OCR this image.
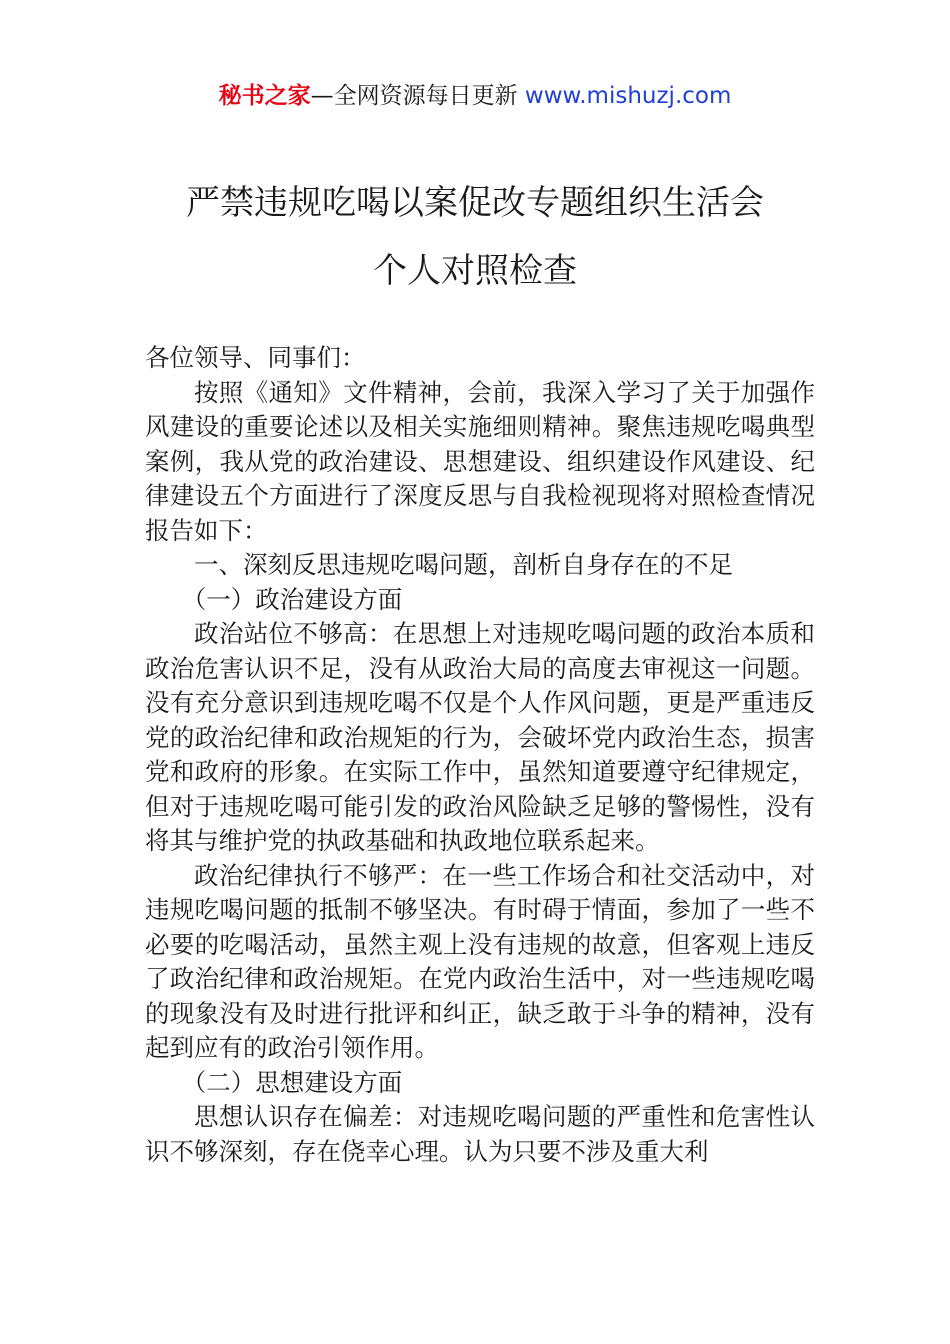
秘书之家—全网资源每日更新 www.mishuzj.com
严禁违规吃喝以案促改专题组织生活会
个人对照检查

各位领导、同事们：

按照《通知》文件精神，会前，我深入学习了关于加强作风建设的重要论述以及相关实施细则精神。聚焦违规吃喝典型案例，我从党的政治建设、思想建设、组织建设作风建设、纪律建设五个方面进行了深度反思与自我检视现将对照检查情况报告如下：

一、深刻反思违规吃喝问题，剖析自身存在的不足

（一）政治建设方面

政治站位不够高：在思想上对违规吃喝问题的政治本质和政治危害认识不足，没有从政治大局的高度去审视这一问题。没有充分意识到违规吃喝不仅是个人作风问题，更是严重违反党的政治纪律和政治规矩的行为，会破坏党内政治生态，损害党和政府的形象。在实际工作中，虽然知道要遵守纪律规定，但对于违规吃喝可能引发的政治风险缺乏足够的警惕性，没有将其与维护党的执政基础和执政地位联系起来。

政治纪律执行不够严：在一些工作场合和社交活动中，对违规吃喝问题的抵制不够坚决。有时碍于情面，参加了一些不必要的吃喝活动，虽然主观上没有违规的故意，但客观上违反了政治纪律和政治规矩。在党内政治生活中，对一些违规吃喝的现象没有及时进行批评和纠正，缺乏敢于斗争的精神，没有起到应有的政治引领作用。

（二）思想建设方面

思想认识存在偏差：对违规吃喝问题的严重性和危害性认识不够深刻，存在侥幸心理。认为只要不涉及重大利
